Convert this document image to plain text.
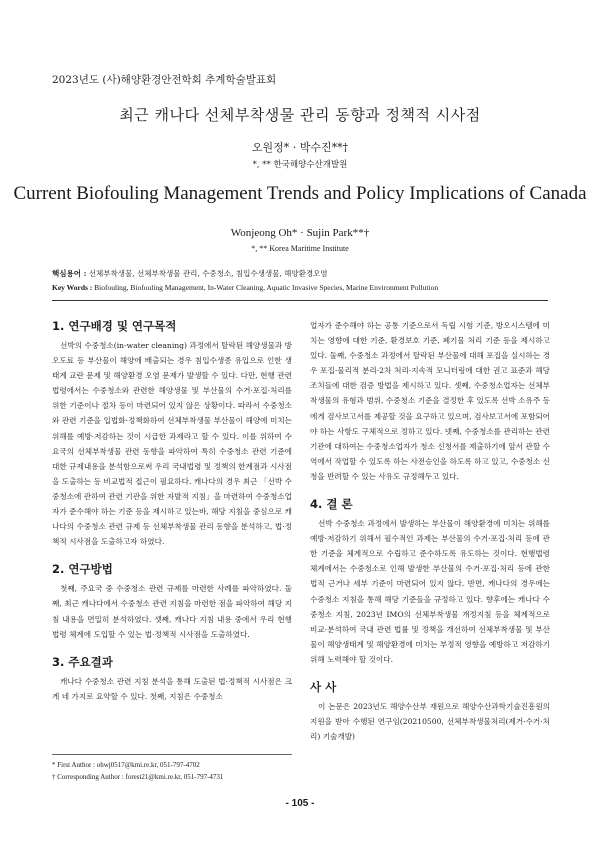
2023년도 (사)해양환경안전학회 추계학술발표회
최근 캐나다 선체부착생물 관리 동향과 정책적 시사점
오원정* · 박수진**†
*, ** 한국해양수산개발원
Current Biofouling Management Trends and Policy Implications of Canada
Wonjeong Oh* · Sujin Park**†
*, ** Korea Maritime Institute
핵심용어 : 선체부착생물, 선체부착생물 관리, 수중청소, 침입수생생물, 해양환경오염
Key Words : Biofouling, Biofouling Management, In-Water Cleaning, Aquatic Invasive Species, Marine Environment Pollution
1. 연구배경 및 연구목적

선박의 수중청소(in-water cleaning) 과정에서 탈락된 해양생물과 방오도료 등 부산물이 해양에 배출되는 경우 침입수생종 유입으로 인한 생태계 교란 문제 및 해양환경 오염 문제가 발생할 수 있다. 다만, 현행 관련 법령에서는 수중청소와 관련한 해양생물 및 부산물의 수거·포집·처리를 위한 기준이나 절차 등이 마련되어 있지 않은 상황이다. 따라서 수중청소와 관련 기준을 입법화·정책화하여 선체부착생물 부산물이 해양에 미치는 위해를 예방·저감하는 것이 시급한 과제라고 할 수 있다. 이를 위하여 수요국의 선체부착생물 관련 동향을 파악하여 특히 수중청소 관련 기준에 대한 규제내용을 분석함으로써 우리 국내법령 및 정책의 한계점과 시사점을 도출하는 등 비교법적 접근이 필요하다. 캐나다의 경우 최근 「선박 수중청소에 관하여 관련 기관을 위한 자발적 지침」을 마련하여 수중청소업자가 준수해야 하는 기준 등을 제시하고 있는바, 해당 지침을 중심으로 캐나다의 수중청소 관련 규제 등 선체부착생물 관리 동향을 분석하고, 법·정책적 시사점을 도출하고자 하였다.

2. 연구방법

첫째, 주요국 중 수중청소 관련 규제를 마련한 사례를 파악하였다. 둘째, 최근 캐나다에서 수중청소 관련 지침을 마련한 점을 파악하여 해당 지침 내용을 면밀히 분석하였다. 셋째, 캐나다 지침 내용 중에서 우리 현행법령 체계에 도입할 수 있는 법·정책적 시사점을 도출하였다.

3. 주요결과

캐나다 수중청소 관련 지침 분석을 통해 도출된 법·정책적 시사점은 크게 네 가지로 요약할 수 있다. 첫째, 지침은 수중청소

업자가 준수해야 하는 공통 기준으로서 독립 시험 기준, 방오시스템에 미치는 영향에 대한 기준, 환경보호 기준, 폐기물 처리 기준 등을 제시하고 있다. 둘째, 수중청소 과정에서 탈락된 부산물에 대해 포집을 실시하는 경우 포집·물리적 분리·2차 처리·지속적 모니터링에 대한 권고 표준과 해당 조치들에 대한 검증 방법을 제시하고 있다. 셋째, 수중청소업자는 선체부착생물의 유형과 범위, 수중청소 기준을 결정한 후 있도록 선박 소유주 등에게 검사보고서를 제공할 것을 요구하고 있으며, 검사보고서에 포함되어야 하는 사항도 구체적으로 정하고 있다. 넷째, 수중청소를 관리하는 관련 기관에 대하여는 수중청소업자가 청소 신청서를 제출하기에 앞서 관할 수역에서 작업할 수 있도록 하는 사전승인을 하도록 하고 있고, 수중청소 신청을 반려할 수 있는 사유도 규정해두고 있다.

4. 결 론

선박 수중청소 과정에서 발생하는 부산물이 해양환경에 미치는 위해를 예방·저감하기 위해서 필수적인 과제는 부산물의 수거·포집·처리 등에 관한 기준을 체계적으로 수립하고 준수하도록 유도하는 것이다. 현행법령 체계에서는 수중청소로 인해 발생한 부산물의 수거·포집·처리 등에 관한 법적 근거나 세부 기준이 마련되어 있지 않다. 반면, 캐나다의 경우에는 수중청소 지침을 통해 해당 기준들을 규정하고 있다. 향후에는 캐나다 수중청소 지침, 2023년 IMO의 선체부착생물 개정지침 등을 체계적으로 비교·분석하여 국내 관련 법률 및 정책을 개선하여 선체부착생물 및 부산물이 해양생태계 및 해양환경에 미치는 부정적 영향을 예방하고 저감하기 위해 노력해야 할 것이다.

사 사

이 논문은 2023년도 해양수산부 재원으로 해양수산과학기술진흥원의 지원을 받아 수행된 연구임(20210500, 선체부착생물처리(제거·수거·처리) 기술개발)

* First Author : ohwj0517@kmi.re.kr, 051-797-4702
† Corresponding Author : forest21@kmi.re.kr, 051-797-4731
- 105 -
